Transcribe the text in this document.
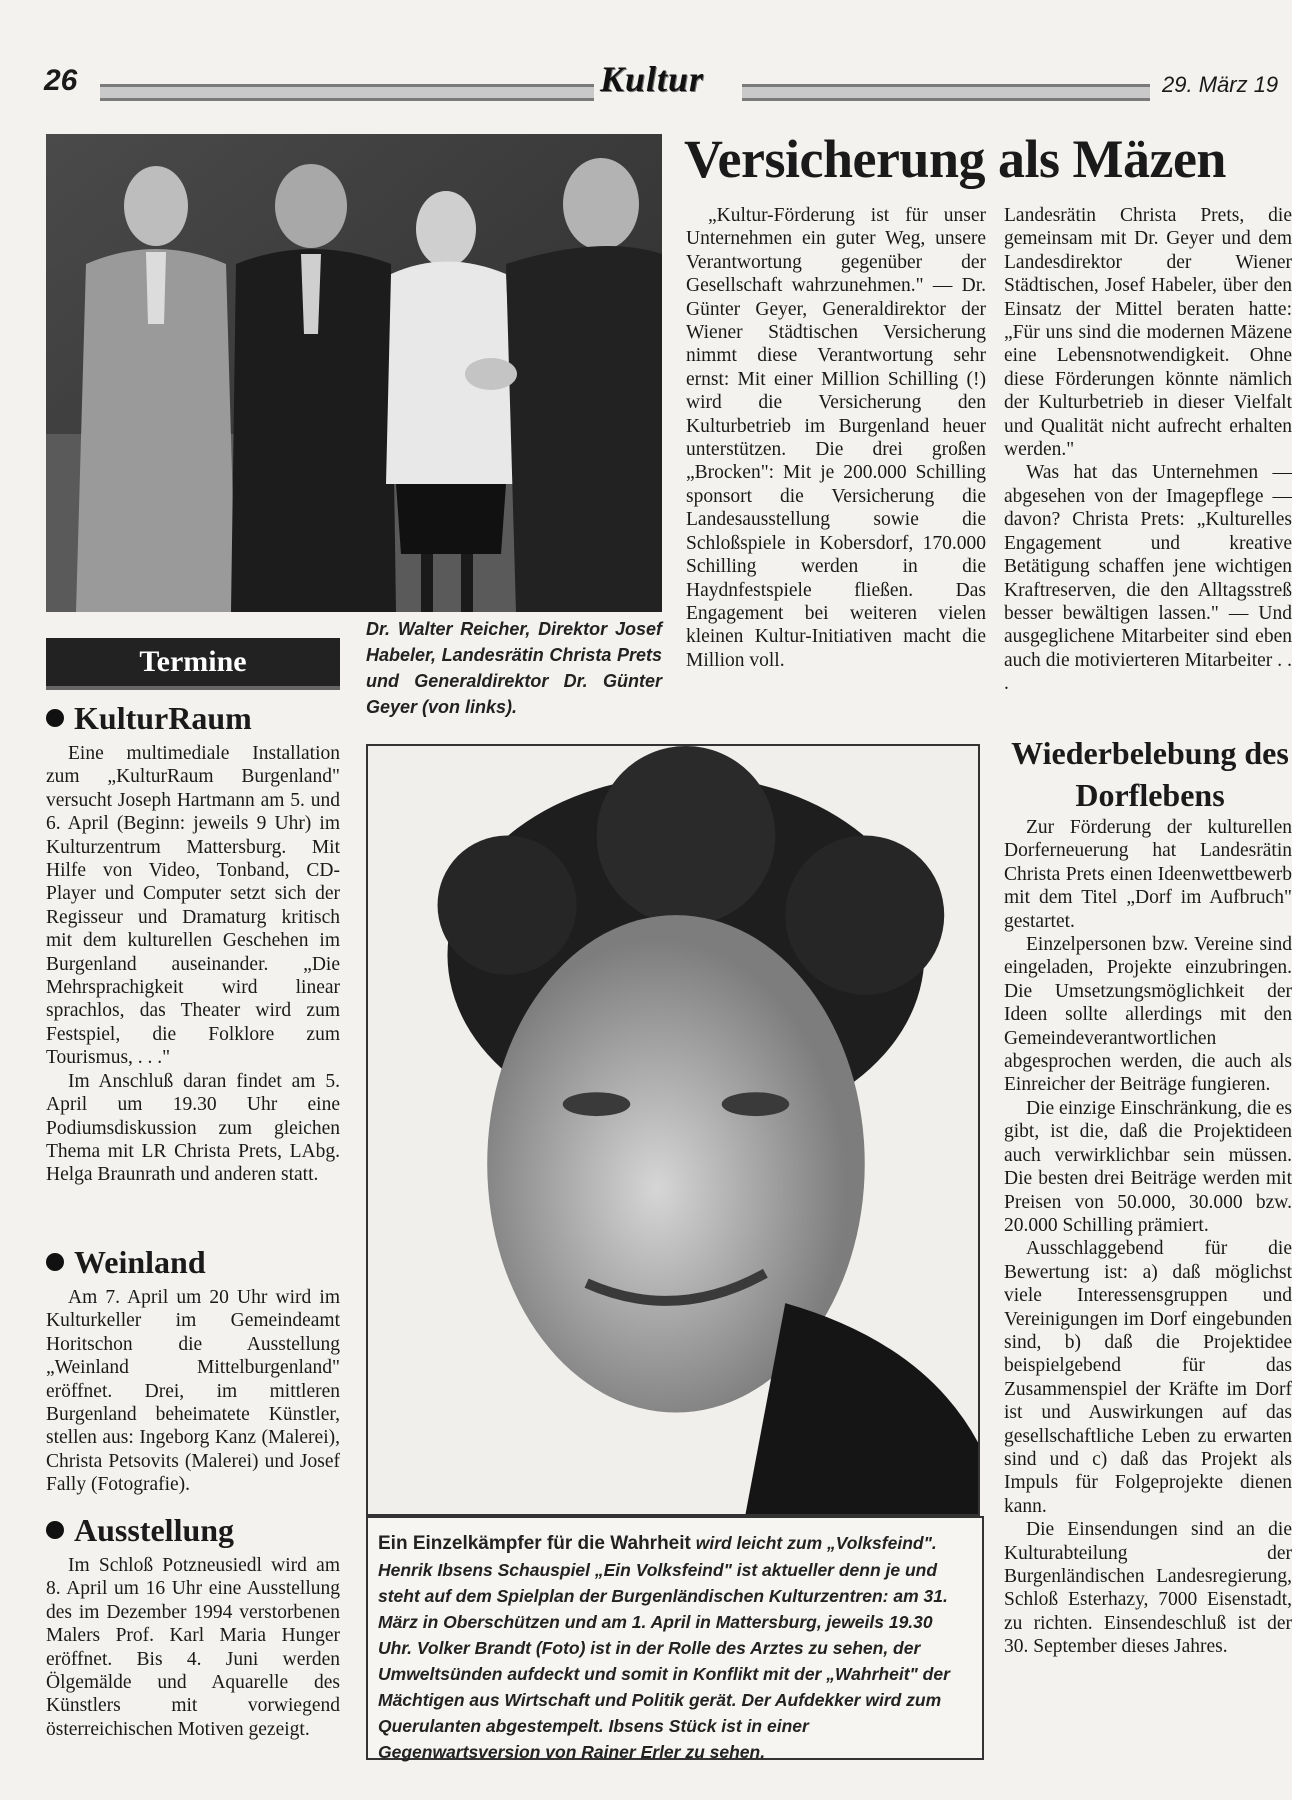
26	Kultur	29. März 19
Dr. Walter Reicher, Direktor Josef Habeler, Landesrätin Christa Prets und Generaldirektor Dr. Günter Geyer (von links).
Versicherung als Mäzen

„Kultur-Förderung ist für unser Unternehmen ein guter Weg, unsere Verantwortung gegenüber der Gesellschaft wahrzunehmen." — Dr. Günter Geyer, Generaldirektor der Wiener Städtischen Versicherung nimmt diese Verantwortung sehr ernst: Mit einer Million Schilling (!) wird die Versicherung den Kulturbetrieb im Burgenland heuer unterstützen. Die drei großen „Brocken": Mit je 200.000 Schilling sponsort die Versicherung die Landesausstellung sowie die Schloßspiele in Kobersdorf, 170.000 Schilling werden in die Haydnfestspiele fließen. Das Engagement bei weiteren vielen kleinen Kultur-Initiativen macht die Million voll.

Landesrätin Christa Prets, die gemeinsam mit Dr. Geyer und dem Landesdirektor der Wiener Städtischen, Josef Habeler, über den Einsatz der Mittel beraten hatte: „Für uns sind die modernen Mäzene eine Lebensnotwendigkeit. Ohne diese Förderungen könnte nämlich der Kulturbetrieb in dieser Vielfalt und Qualität nicht aufrecht erhalten werden."

Was hat das Unternehmen — abgesehen von der Imagepflege — davon? Christa Prets: „Kulturelles Engagement und kreative Betätigung schaffen jene wichtigen Kraftreserven, die den Alltagsstreß besser bewältigen lassen." — Und ausgeglichene Mitarbeiter sind eben auch die motivierteren Mitarbeiter . . .

Termine
KulturRaum

Eine multimediale Installation zum „KulturRaum Burgenland" versucht Joseph Hartmann am 5. und 6. April (Beginn: jeweils 9 Uhr) im Kulturzentrum Mattersburg. Mit Hilfe von Video, Tonband, CD-Player und Computer setzt sich der Regisseur und Dramaturg kritisch mit dem kulturellen Geschehen im Burgenland auseinander. „Die Mehrsprachigkeit wird linear sprachlos, das Theater wird zum Festspiel, die Folklore zum Tourismus, . . ."

Im Anschluß daran findet am 5. April um 19.30 Uhr eine Podiumsdiskussion zum gleichen Thema mit LR Christa Prets, LAbg. Helga Braunrath und anderen statt.

Weinland

Am 7. April um 20 Uhr wird im Kulturkeller im Gemeindeamt Horitschon die Ausstellung „Weinland Mittelburgenland" eröffnet. Drei, im mittleren Burgenland beheimatete Künstler, stellen aus: Ingeborg Kanz (Malerei), Christa Petsovits (Malerei) und Josef Fally (Fotografie).

Ausstellung

Im Schloß Potzneusiedl wird am 8. April um 16 Uhr eine Ausstellung des im Dezember 1994 verstorbenen Malers Prof. Karl Maria Hunger eröffnet. Bis 4. Juni werden Ölgemälde und Aquarelle des Künstlers mit vorwiegend österreichischen Motiven gezeigt.

Ein Einzelkämpfer für die Wahrheit wird leicht zum „Volksfeind". Henrik Ibsens Schauspiel „Ein Volksfeind" ist aktueller denn je und steht auf dem Spielplan der Burgenländischen Kulturzentren: am 31. März in Oberschützen und am 1. April in Mattersburg, jeweils 19.30 Uhr. Volker Brandt (Foto) ist in der Rolle des Arztes zu sehen, der Umweltsünden aufdeckt und somit in Konflikt mit der „Wahrheit" der Mächtigen aus Wirtschaft und Politik gerät. Der Aufdekker wird zum Querulanten abgestempelt. Ibsens Stück ist in einer Gegenwartsversion von Rainer Erler zu sehen.
Wiederbelebung des Dorflebens

Zur Förderung der kulturellen Dorferneuerung hat Landesrätin Christa Prets einen Ideenwettbewerb mit dem Titel „Dorf im Aufbruch" gestartet.

Einzelpersonen bzw. Vereine sind eingeladen, Projekte einzubringen. Die Umsetzungsmöglichkeit der Ideen sollte allerdings mit den Gemeindeverantwortlichen abgesprochen werden, die auch als Einreicher der Beiträge fungieren.

Die einzige Einschränkung, die es gibt, ist die, daß die Projektideen auch verwirklichbar sein müssen. Die besten drei Beiträge werden mit Preisen von 50.000, 30.000 bzw. 20.000 Schilling prämiert.

Ausschlaggebend für die Bewertung ist: a) daß möglichst viele Interessensgruppen und Vereinigungen im Dorf eingebunden sind, b) daß die Projektidee beispielgebend für das Zusammenspiel der Kräfte im Dorf ist und Auswirkungen auf das gesellschaftliche Leben zu erwarten sind und c) daß das Projekt als Impuls für Folgeprojekte dienen kann.

Die Einsendungen sind an die Kulturabteilung der Burgenländischen Landesregierung, Schloß Esterhazy, 7000 Eisenstadt, zu richten. Einsendeschluß ist der 30. September dieses Jahres.
